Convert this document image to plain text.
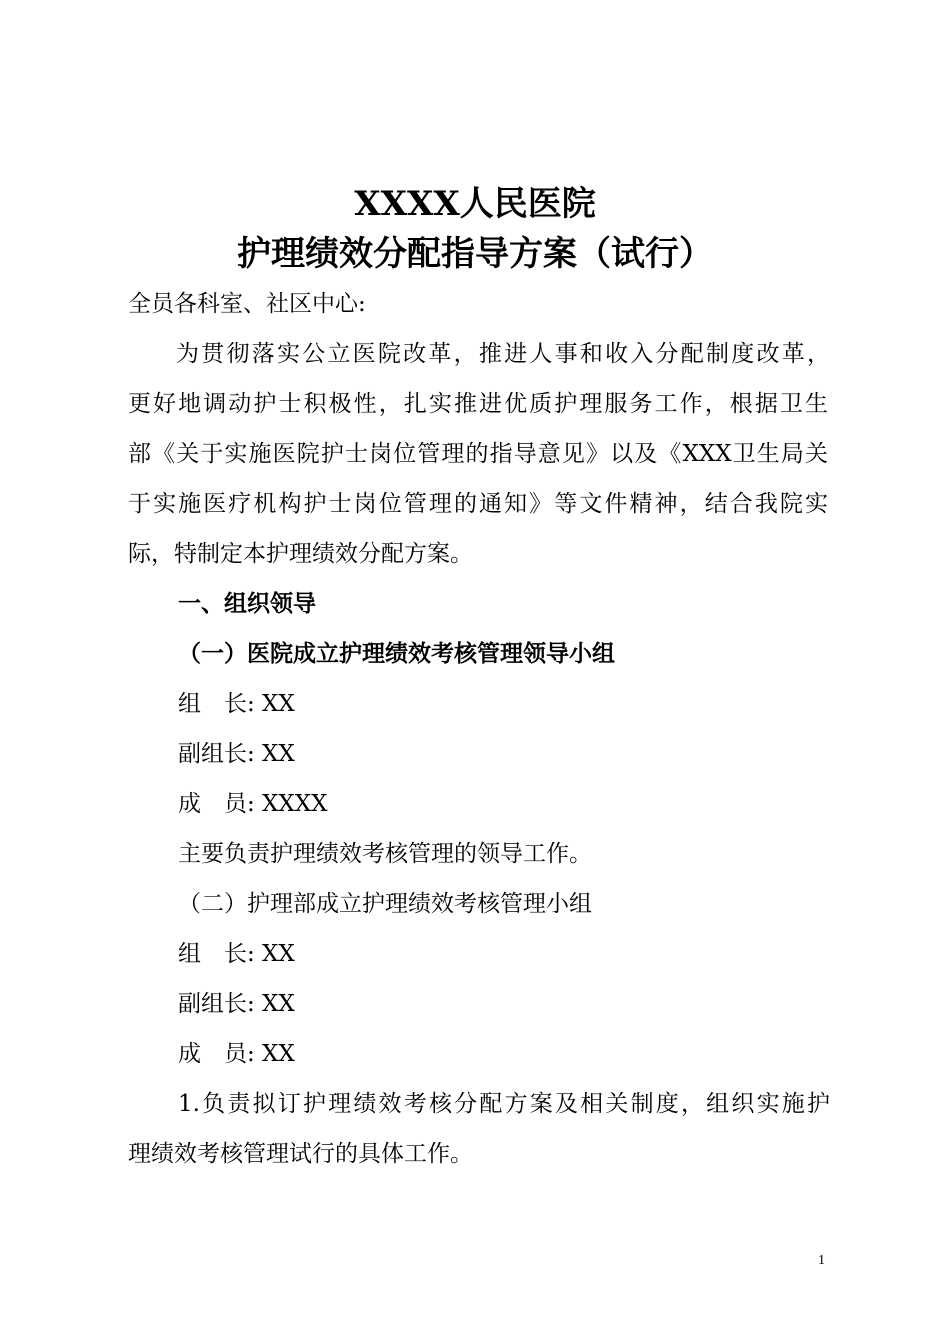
XXXX人民医院
护理绩效分配指导方案（试行）
全员各科室、社区中心:
为贯彻落实公立医院改革，推进人事和收入分配制度改革，
更好地调动护士积极性，扎实推进优质护理服务工作，根据卫生
部《关于实施医院护士岗位管理的指导意见》以及《XXX卫生局关
于实施医疗机构护士岗位管理的通知》等文件精神，结合我院实
际，特制定本护理绩效分配方案。
一、组织领导
（一）医院成立护理绩效考核管理领导小组
组　长: XX
副组长: XX
成　员: XXXX
主要负责护理绩效考核管理的领导工作。
（二）护理部成立护理绩效考核管理小组
组　长: XX
副组长: XX
成　员: XX
1.负责拟订护理绩效考核分配方案及相关制度，组织实施护
理绩效考核管理试行的具体工作。
1
